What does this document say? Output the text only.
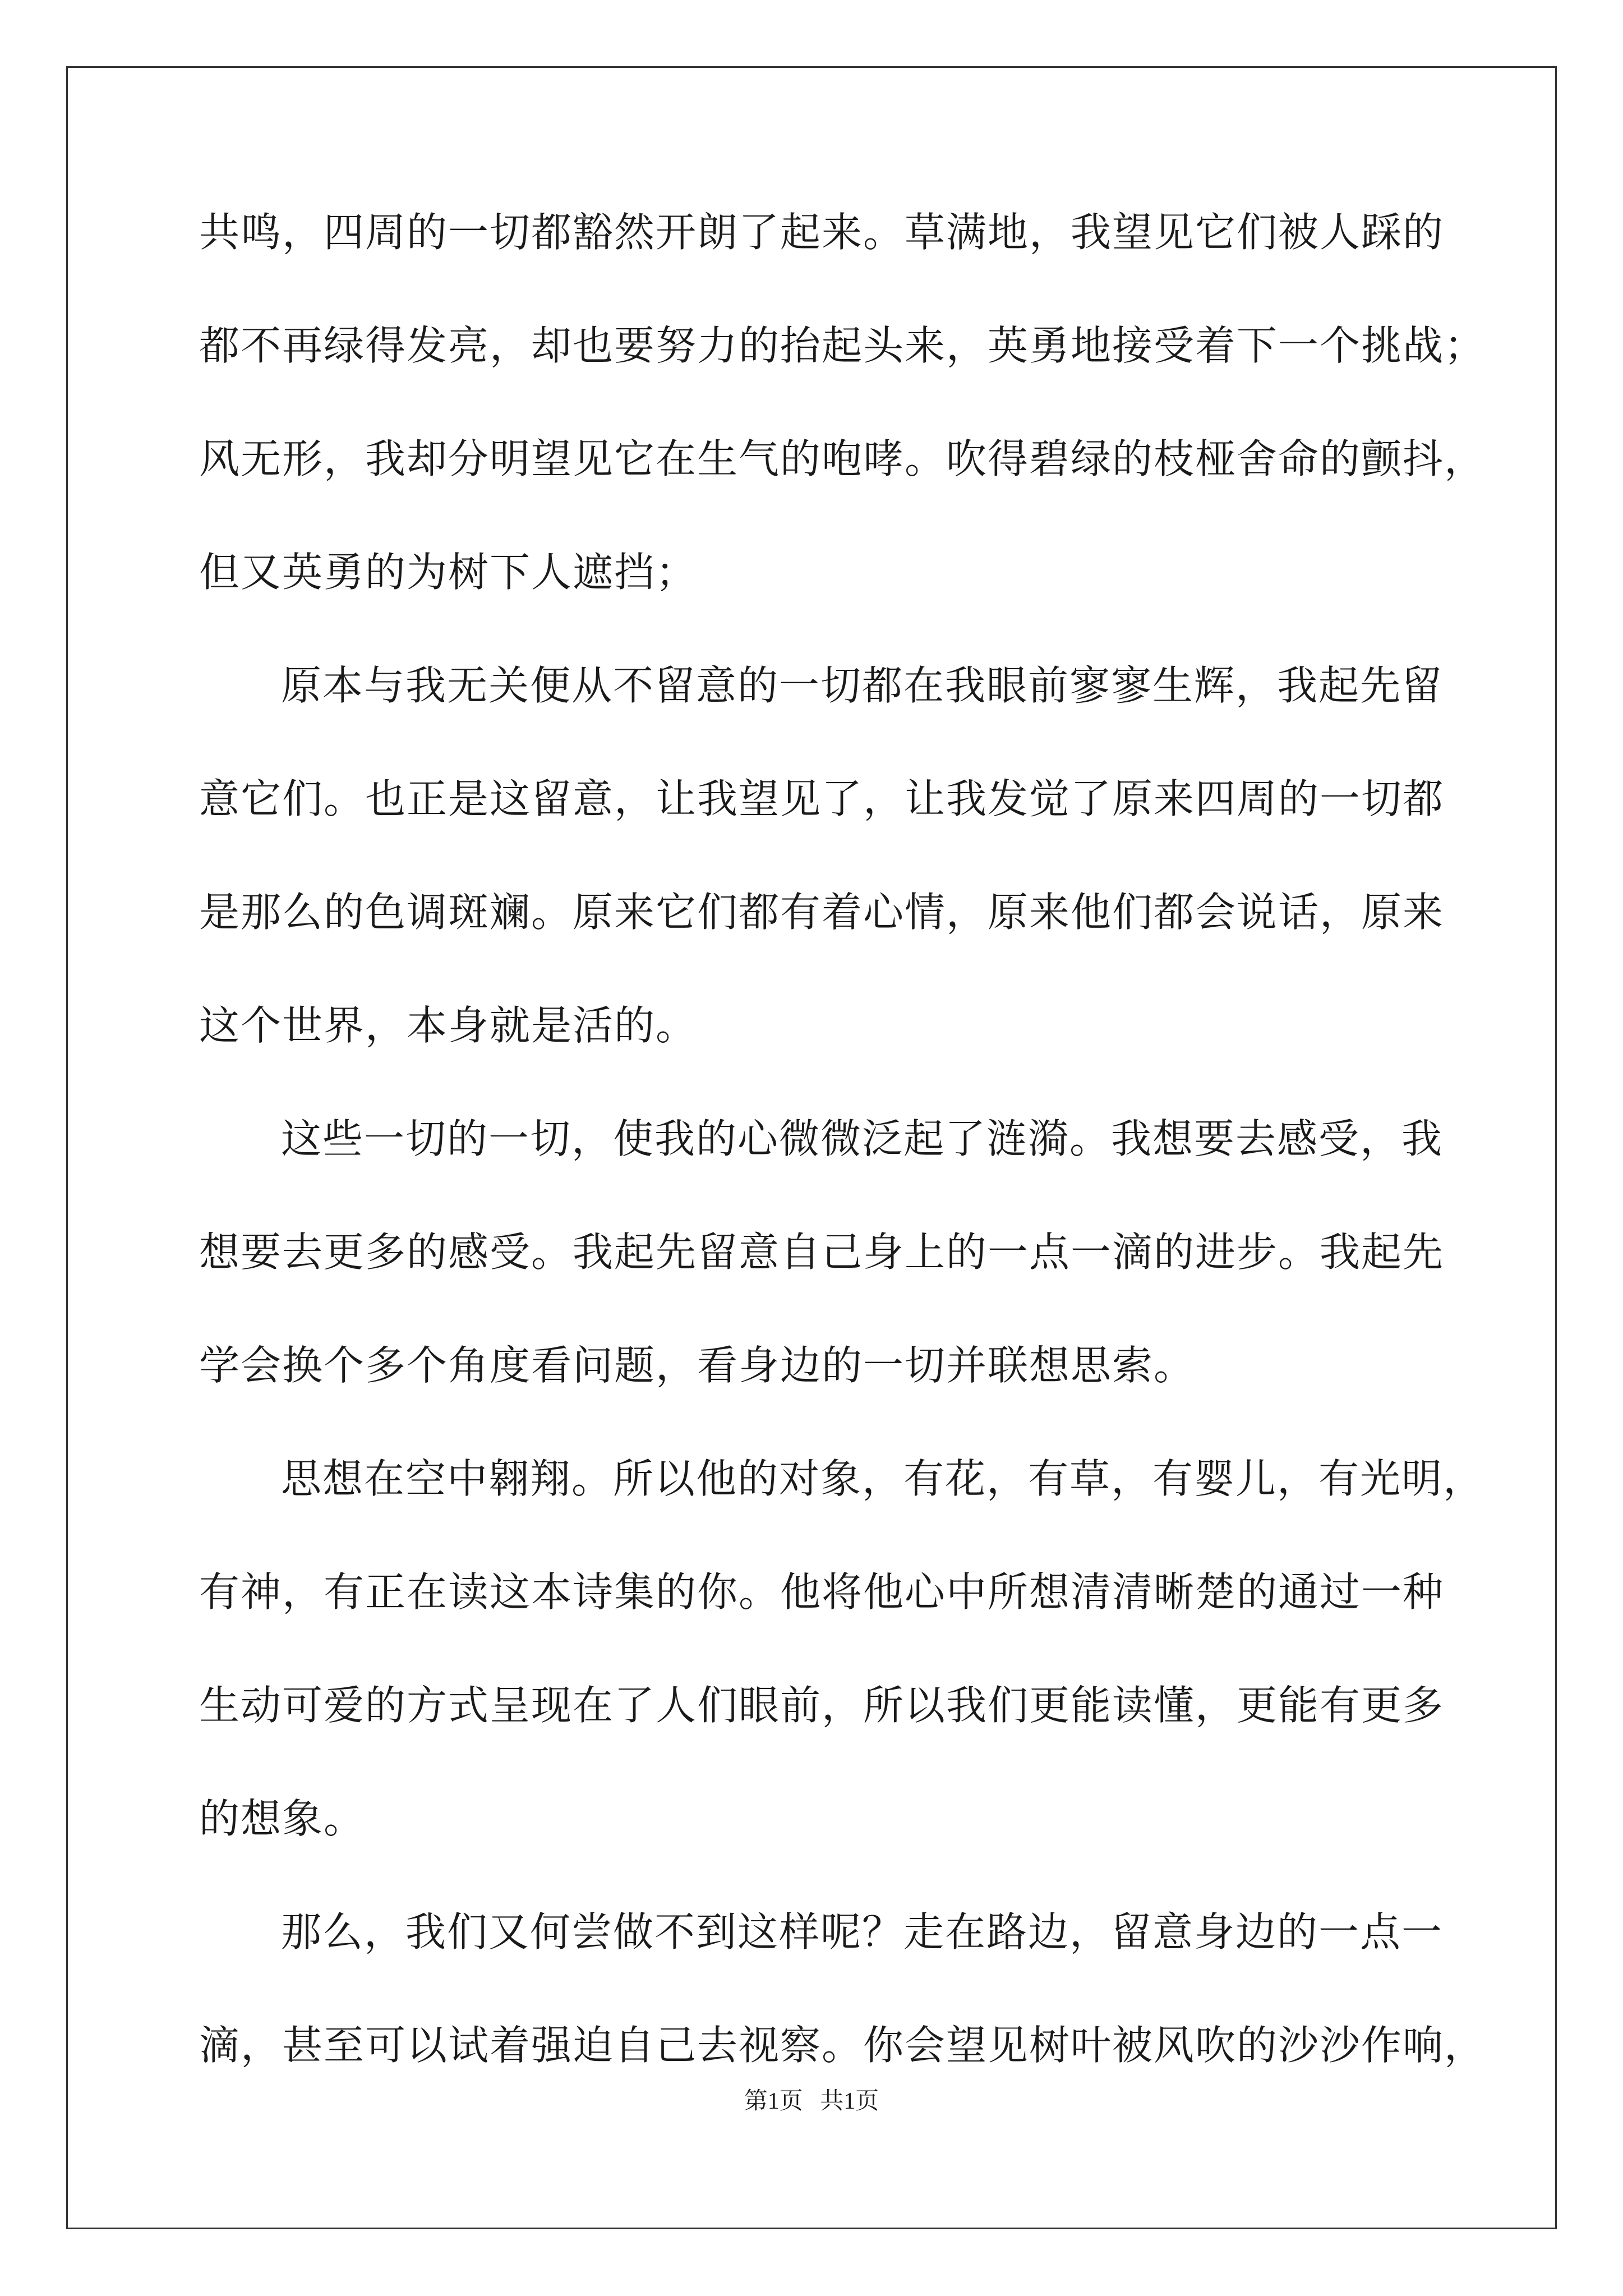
共鸣，四周的一切都豁然开朗了起来。草满地，我望见它们被人踩的
都不再绿得发亮，却也要努力的抬起头来，英勇地接受着下一个挑战；
风无形，我却分明望见它在生气的咆哮。吹得碧绿的枝桠舍命的颤抖，
但又英勇的为树下人遮挡；
原本与我无关便从不留意的一切都在我眼前寥寥生辉，我起先留
意它们。也正是这留意，让我望见了，让我发觉了原来四周的一切都
是那么的色调斑斓。原来它们都有着心情，原来他们都会说话，原来
这个世界，本身就是活的。
这些一切的一切，使我的心微微泛起了涟漪。我想要去感受，我
想要去更多的感受。我起先留意自己身上的一点一滴的进步。我起先
学会换个多个角度看问题，看身边的一切并联想思索。
思想在空中翱翔。所以他的对象，有花，有草，有婴儿，有光明，
有神，有正在读这本诗集的你。他将他心中所想清清晰楚的通过一种
生动可爱的方式呈现在了人们眼前，所以我们更能读懂，更能有更多
的想象。
那么，我们又何尝做不到这样呢？走在路边，留意身边的一点一
滴，甚至可以试着强迫自己去视察。你会望见树叶被风吹的沙沙作响，
第1页 共1页
